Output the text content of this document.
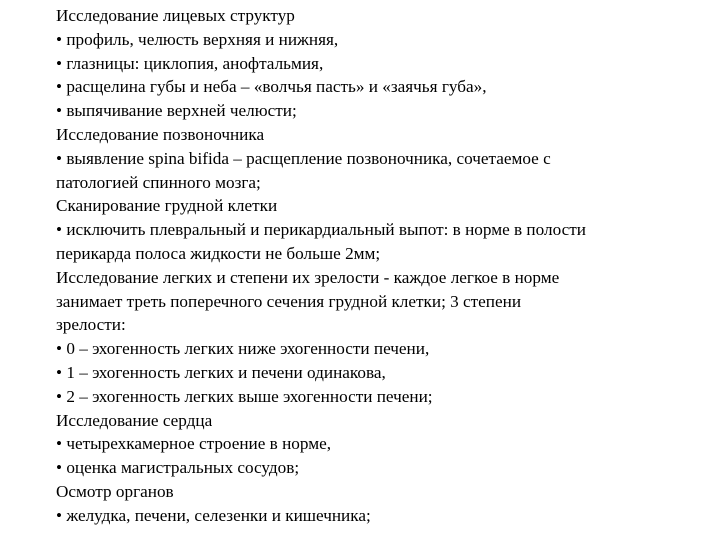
Исследование лицевых структур
• профиль, челюсть верхняя и нижняя,
• глазницы: циклопия, анофтальмия,
• расщелина губы и неба – «волчья пасть» и «заячья губа»,
• выпячивание верхней челюсти;
Исследование позвоночника
• выявление spina bifida – расщепление позвоночника, сочетаемое с
патологией спинного мозга;
Сканирование грудной клетки
• исключить плевральный и перикардиальный выпот: в норме в полости
перикарда полоса жидкости не больше 2мм;
Исследование легких и степени их зрелости - каждое легкое в норме
занимает треть поперечного сечения грудной клетки; 3 степени
зрелости:
• 0 – эхогенность легких ниже эхогенности печени,
• 1 – эхогенность легких и печени одинакова,
• 2 – эхогенность легких выше эхогенности печени;
Исследование сердца
• четырехкамерное строение в норме,
• оценка магистральных сосудов;
Осмотр органов
• желудка, печени, селезенки и кишечника;
